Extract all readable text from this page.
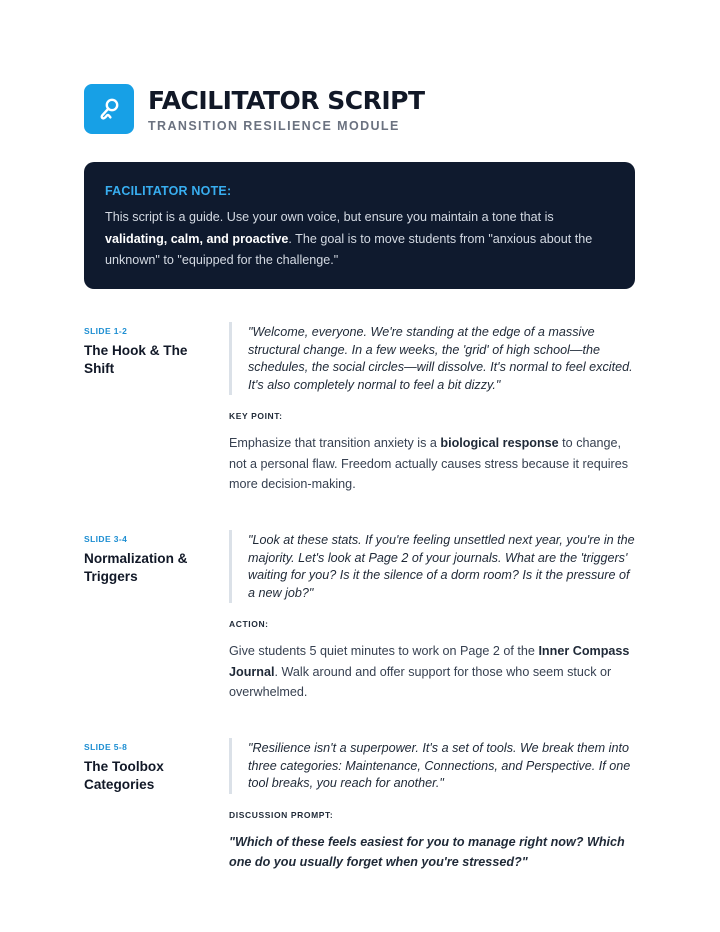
FACILITATOR SCRIPT
TRANSITION RESILIENCE MODULE
FACILITATOR NOTE:
This script is a guide. Use your own voice, but ensure you maintain a tone that is validating, calm, and proactive. The goal is to move students from "anxious about the unknown" to "equipped for the challenge."
SLIDE 1-2
The Hook & The Shift
"Welcome, everyone. We're standing at the edge of a massive structural change. In a few weeks, the 'grid' of high school—the schedules, the social circles—will dissolve. It's normal to feel excited. It's also completely normal to feel a bit dizzy."
KEY POINT:
Emphasize that transition anxiety is a biological response to change, not a personal flaw. Freedom actually causes stress because it requires more decision-making.
SLIDE 3-4
Normalization & Triggers
"Look at these stats. If you're feeling unsettled next year, you're in the majority. Let's look at Page 2 of your journals. What are the 'triggers' waiting for you? Is it the silence of a dorm room? Is it the pressure of a new job?"
ACTION:
Give students 5 quiet minutes to work on Page 2 of the Inner Compass Journal. Walk around and offer support for those who seem stuck or overwhelmed.
SLIDE 5-8
The Toolbox Categories
"Resilience isn't a superpower. It's a set of tools. We break them into three categories: Maintenance, Connections, and Perspective. If one tool breaks, you reach for another."
DISCUSSION PROMPT:
"Which of these feels easiest for you to manage right now? Which one do you usually forget when you're stressed?"
